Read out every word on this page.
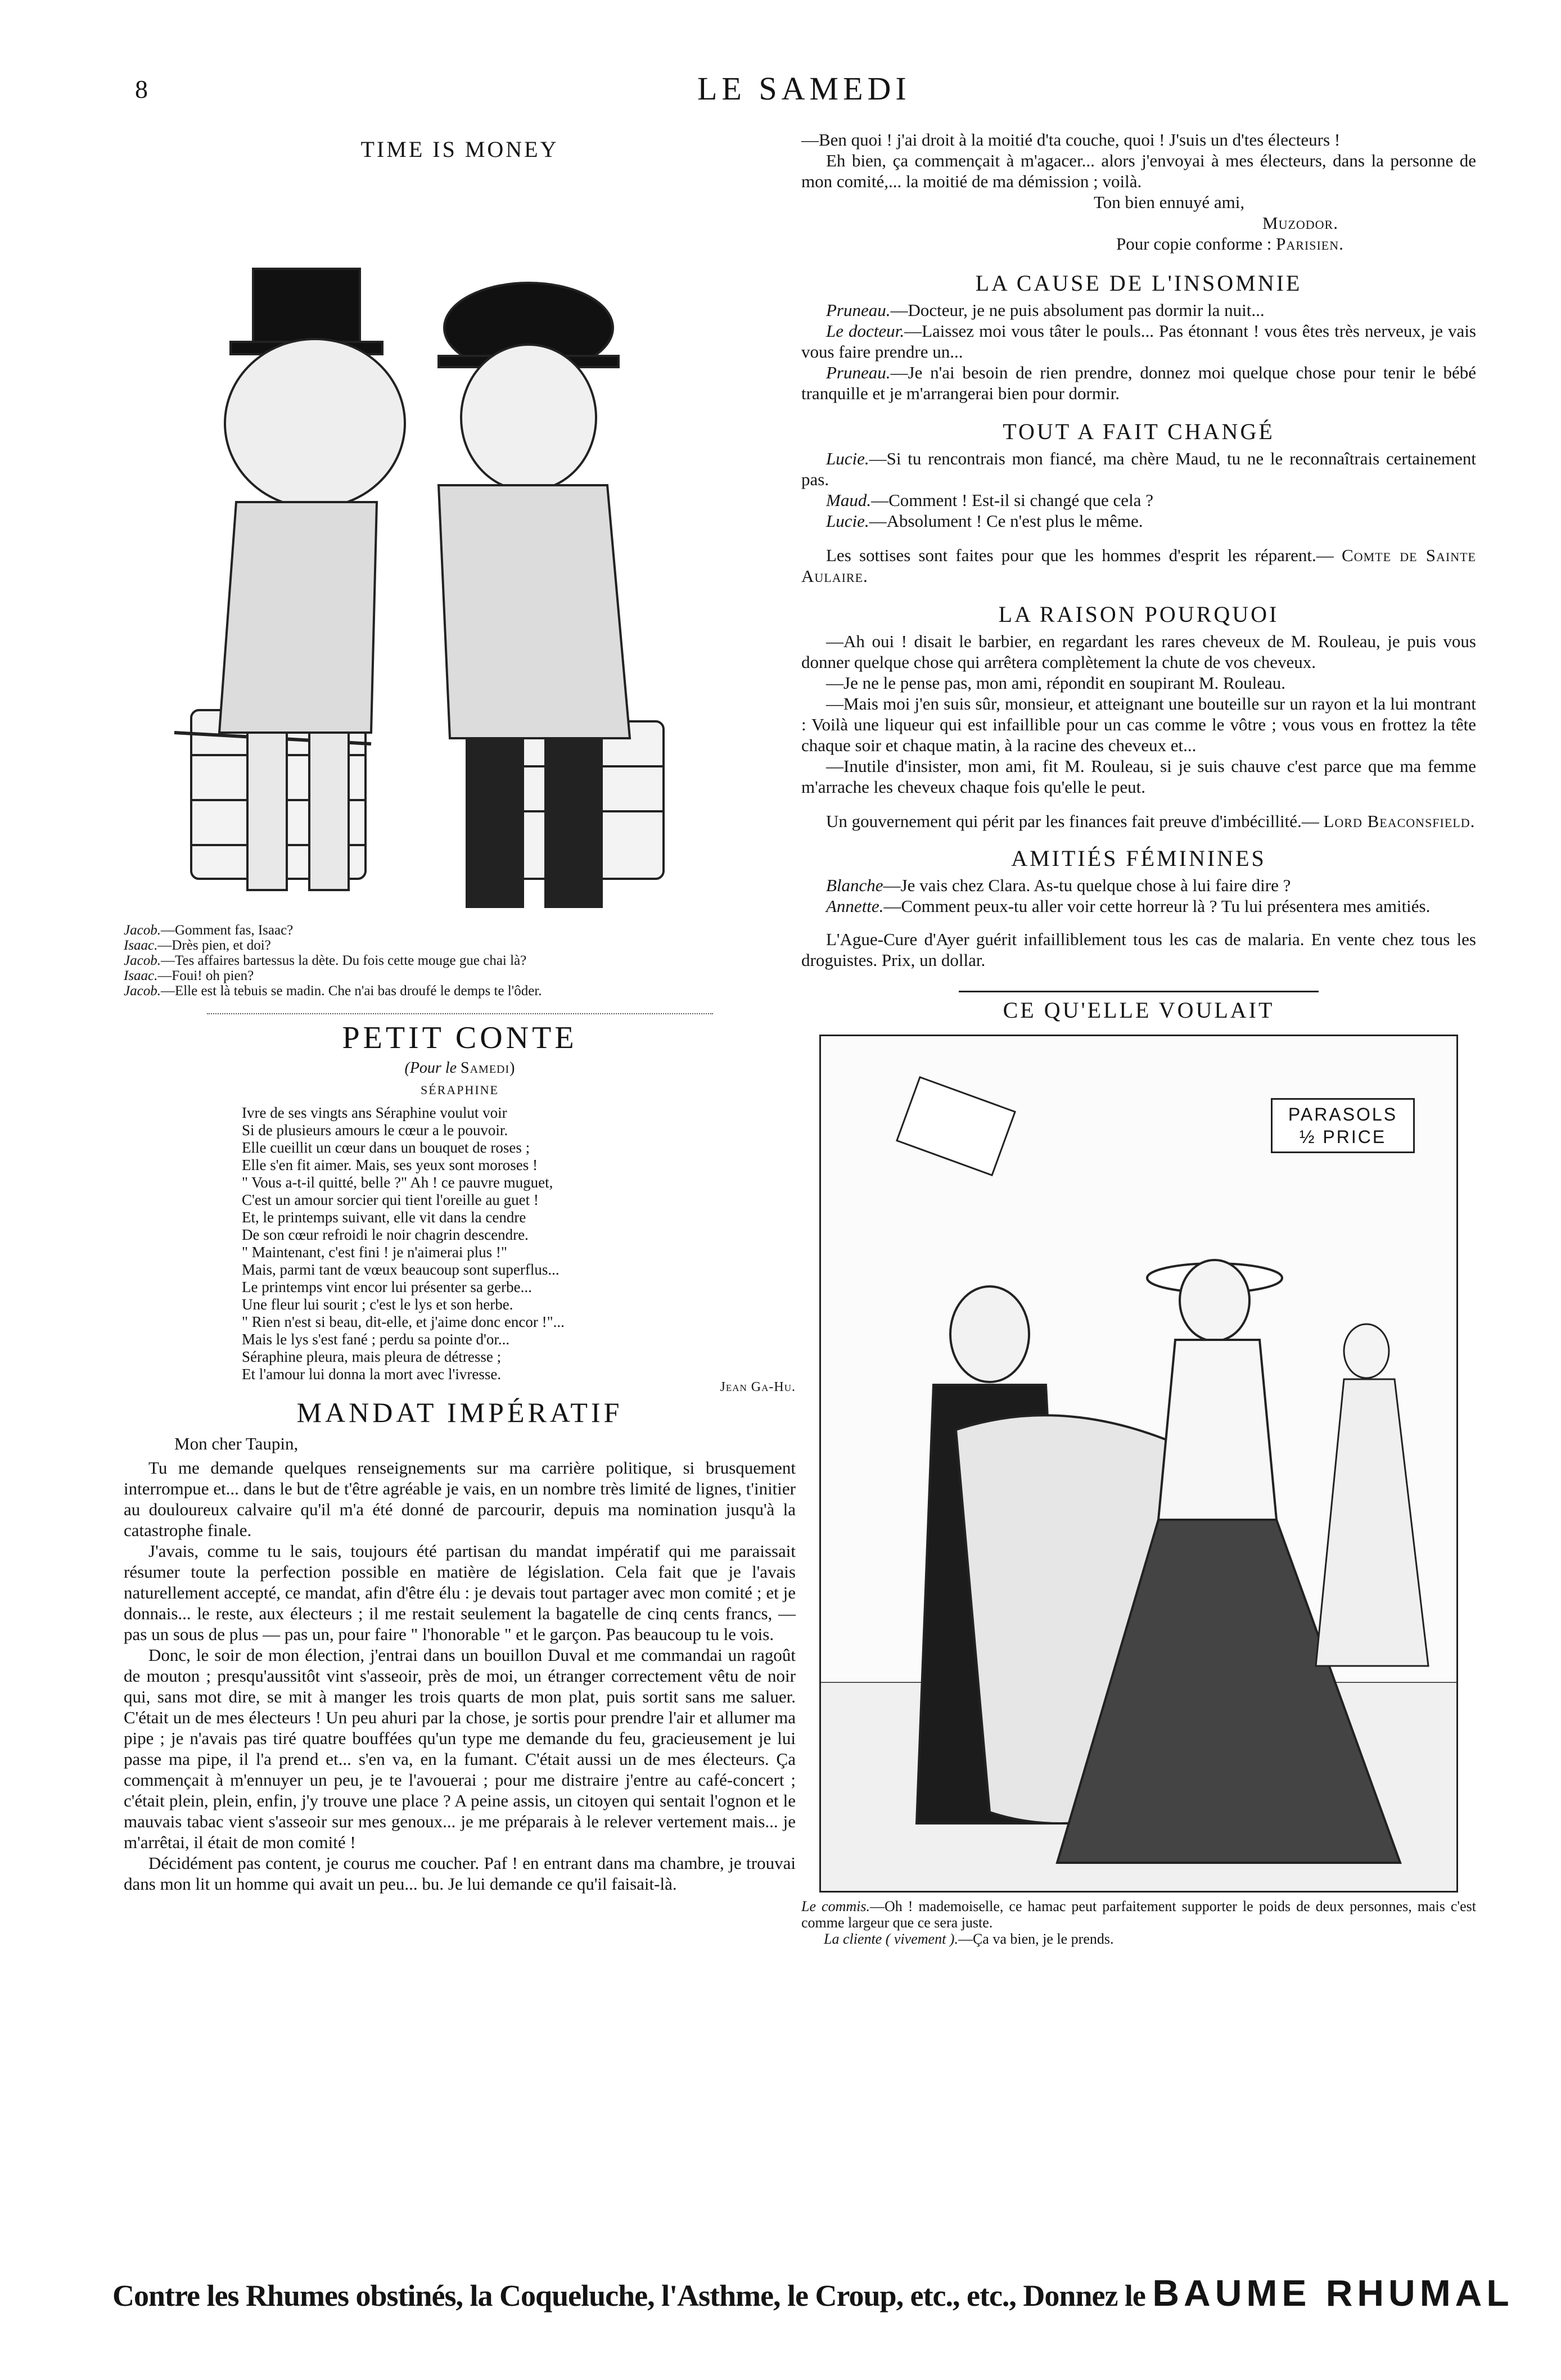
8	LE SAMEDI
TIME IS MONEY

Jacob.—Gomment fas, Isaac?

Isaac.—Drès pien, et doi?

Jacob.—Tes affaires bartessus la dète. Du fois cette mouge gue chai là?

Isaac.—Foui! oh pien?

Jacob.—Elle est là tebuis se madin. Che n'ai bas droufé le demps te l'ôder.

PETIT CONTE

(Pour le Samedi)

SÉRAPHINE

Ivre de ses vingts ans Séraphine voulut voir

Si de plusieurs amours le cœur a le pouvoir.

Elle cueillit un cœur dans un bouquet de roses ;

Elle s'en fit aimer. Mais, ses yeux sont moroses !

" Vous a-t-il quitté, belle ?" Ah ! ce pauvre muguet,

C'est un amour sorcier qui tient l'oreille au guet !

Et, le printemps suivant, elle vit dans la cendre

De son cœur refroidi le noir chagrin descendre.

" Maintenant, c'est fini ! je n'aimerai plus !"

Mais, parmi tant de vœux beaucoup sont superflus...

Le printemps vint encor lui présenter sa gerbe...

Une fleur lui sourit ; c'est le lys et son herbe.

" Rien n'est si beau, dit-elle, et j'aime donc encor !"...

Mais le lys s'est fané ; perdu sa pointe d'or...

Séraphine pleura, mais pleura de détresse ;

Et l'amour lui donna la mort avec l'ivresse.

Jean Ga-Hu.

MANDAT IMPÉRATIF

Mon cher Taupin,

Tu me demande quelques renseignements sur ma carrière politique, si brusquement interrompue et... dans le but de t'être agréable je vais, en un nombre très limité de lignes, t'initier au douloureux calvaire qu'il m'a été donné de parcourir, depuis ma nomination jusqu'à la catastrophe finale.

J'avais, comme tu le sais, toujours été partisan du mandat impératif qui me paraissait résumer toute la perfection possible en matière de législation. Cela fait que je l'avais naturellement accepté, ce mandat, afin d'être élu : je devais tout partager avec mon comité ; et je donnais... le reste, aux électeurs ; il me restait seulement la bagatelle de cinq cents francs, — pas un sous de plus — pas un, pour faire " l'honorable " et le garçon. Pas beaucoup tu le vois.

Donc, le soir de mon élection, j'entrai dans un bouillon Duval et me commandai un ragoût de mouton ; presqu'aussitôt vint s'asseoir, près de moi, un étranger correctement vêtu de noir qui, sans mot dire, se mit à manger les trois quarts de mon plat, puis sortit sans me saluer. C'était un de mes électeurs ! Un peu ahuri par la chose, je sortis pour prendre l'air et allumer ma pipe ; je n'avais pas tiré quatre bouffées qu'un type me demande du feu, gracieusement je lui passe ma pipe, il l'a prend et... s'en va, en la fumant. C'était aussi un de mes électeurs. Ça commençait à m'ennuyer un peu, je te l'avouerai ; pour me distraire j'entre au café-concert ; c'était plein, plein, enfin, j'y trouve une place ? A peine assis, un citoyen qui sentait l'ognon et le mauvais tabac vient s'asseoir sur mes genoux... je me préparais à le relever vertement mais... je m'arrêtai, il était de mon comité !

Décidément pas content, je courus me coucher. Paf ! en entrant dans ma chambre, je trouvai dans mon lit un homme qui avait un peu... bu. Je lui demande ce qu'il faisait-là.

—Ben quoi ! j'ai droit à la moitié d'ta couche, quoi ! J'suis un d'tes électeurs !

Eh bien, ça commençait à m'agacer... alors j'envoyai à mes électeurs, dans la personne de mon comité,... la moitié de ma démission ; voilà.

Ton bien ennuyé ami,

Muzodor.

Pour copie conforme : Parisien.

LA CAUSE DE L'INSOMNIE

Pruneau.—Docteur, je ne puis absolument pas dormir la nuit...

Le docteur.—Laissez moi vous tâter le pouls... Pas étonnant ! vous êtes très nerveux, je vais vous faire prendre un...

Pruneau.—Je n'ai besoin de rien prendre, donnez moi quelque chose pour tenir le bébé tranquille et je m'arrangerai bien pour dormir.

TOUT A FAIT CHANGÉ

Lucie.—Si tu rencontrais mon fiancé, ma chère Maud, tu ne le reconnaîtrais certainement pas.

Maud.—Comment ! Est-il si changé que cela ?

Lucie.—Absolument ! Ce n'est plus le même.

Les sottises sont faites pour que les hommes d'esprit les réparent.— Comte de Sainte Aulaire.

LA RAISON POURQUOI

—Ah oui ! disait le barbier, en regardant les rares cheveux de M. Rouleau, je puis vous donner quelque chose qui arrêtera complètement la chute de vos cheveux.

—Je ne le pense pas, mon ami, répondit en soupirant M. Rouleau.

—Mais moi j'en suis sûr, monsieur, et atteignant une bouteille sur un rayon et la lui montrant : Voilà une liqueur qui est infaillible pour un cas comme le vôtre ; vous vous en frottez la tête chaque soir et chaque matin, à la racine des cheveux et...

—Inutile d'insister, mon ami, fit M. Rouleau, si je suis chauve c'est parce que ma femme m'arrache les cheveux chaque fois qu'elle le peut.

Un gouvernement qui périt par les finances fait preuve d'imbécillité.— Lord Beaconsfield.

AMITIÉS FÉMININES

Blanche—Je vais chez Clara. As-tu quelque chose à lui faire dire ?

Annette.—Comment peux-tu aller voir cette horreur là ? Tu lui présentera mes amitiés.

L'Ague-Cure d'Ayer guérit infailliblement tous les cas de malaria. En vente chez tous les droguistes. Prix, un dollar.

CE QU'ELLE VOULAIT
PARASOLS
½ PRICE

Le commis.—Oh ! mademoiselle, ce hamac peut parfaitement supporter le poids de deux personnes, mais c'est comme largeur que ce sera juste.

La cliente ( vivement ).—Ça va bien, je le prends.

Contre les Rhumes obstinés, la Coqueluche, l'Asthme, le Croup, etc., etc., Donnez le BAUME RHUMAL
